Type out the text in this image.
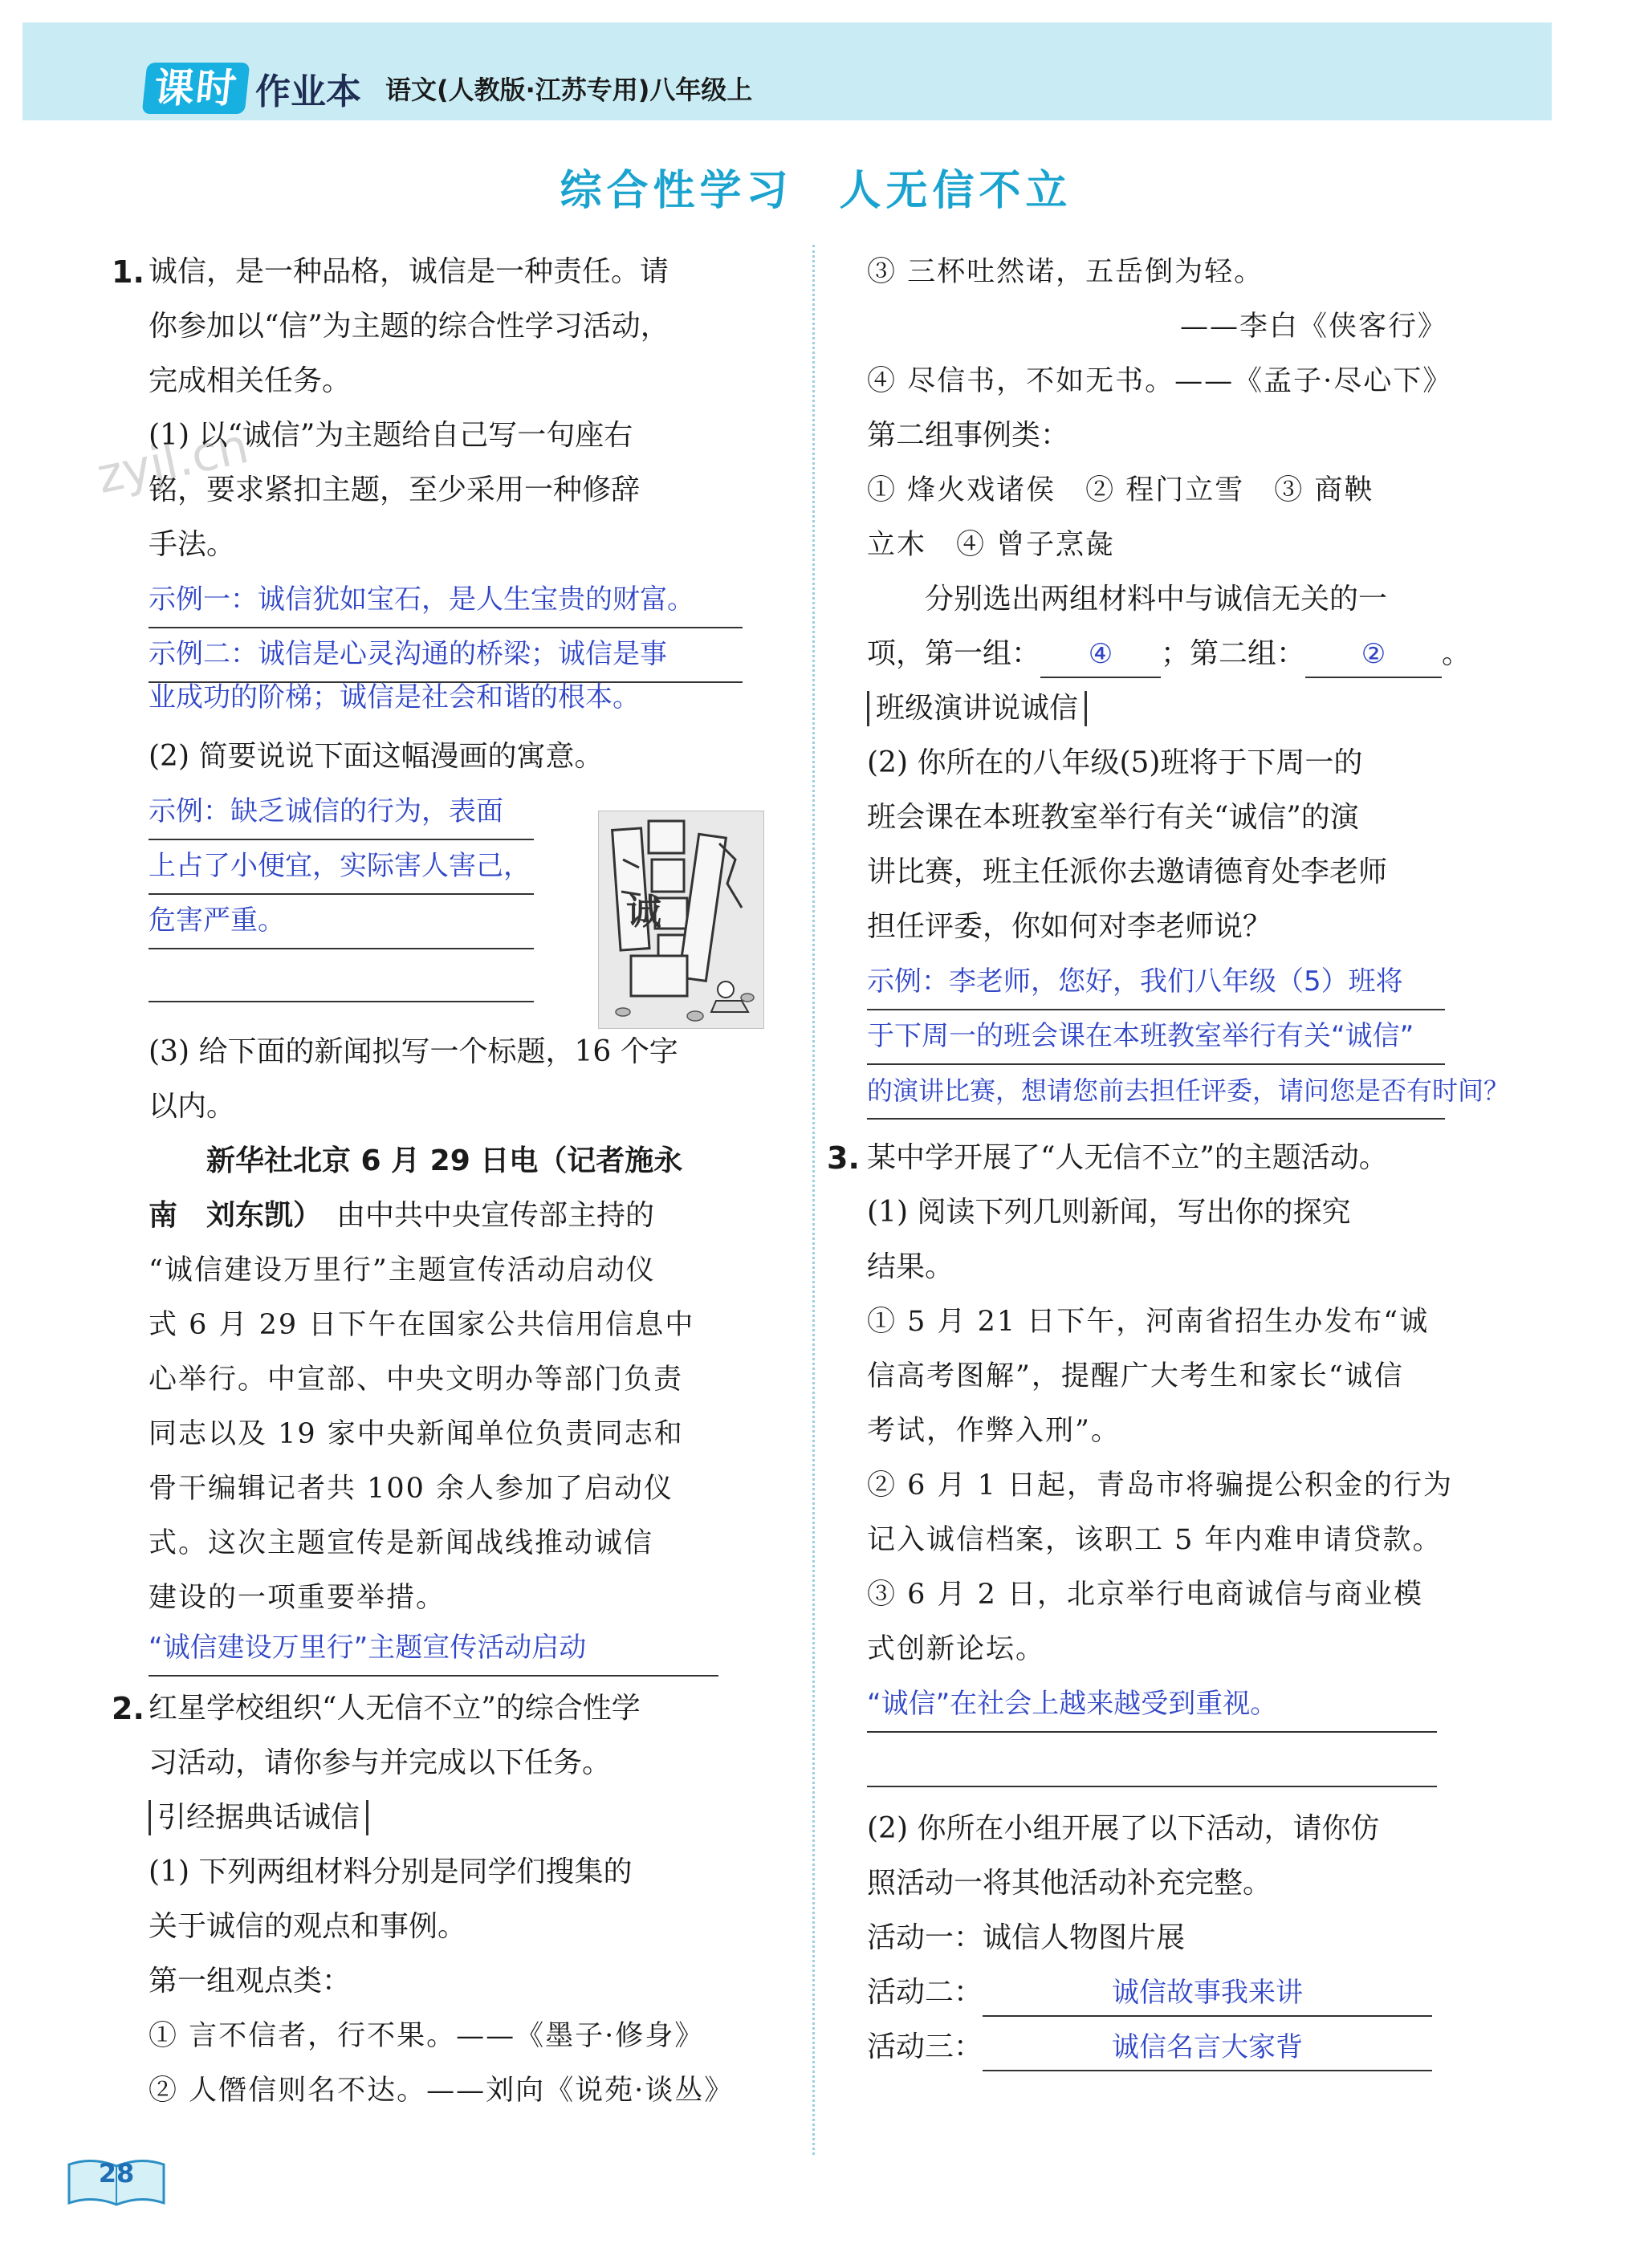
课时 作业本 语文(人教版·江苏专用)八年级上
综合性学习　人无信不立
zyjl.cn
1. 诚信，是一种品格，诚信是一种责任。请
你参加以“信”为主题的综合性学习活动，
完成相关任务。
(1) 以“诚信”为主题给自己写一句座右
铭，要求紧扣主题，至少采用一种修辞
手法。
示例一：诚信犹如宝石，是人生宝贵的财富。
示例二：诚信是心灵沟通的桥梁；诚信是事
业成功的阶梯；诚信是社会和谐的根本。
(2) 简要说说下面这幅漫画的寓意。
示例：缺乏诚信的行为，表面
上占了小便宜，实际害人害己，
危害严重。
(3) 给下面的新闻拟写一个标题，16 个字
以内。
新华社北京 6 月 29 日电（记者施永
南　刘东凯）　 由中共中央宣传部主持的
“诚信建设万里行”主题宣传活动启动仪
式 6 月 29 日下午在国家公共信用信息中
心举行。中宣部、中央文明办等部门负责
同志以及 19 家中央新闻单位负责同志和
骨干编辑记者共 100 余人参加了启动仪
式。这次主题宣传是新闻战线推动诚信
建设的一项重要举措。
“诚信建设万里行”主题宣传活动启动
2. 红星学校组织“人无信不立”的综合性学
习活动，请你参与并完成以下任务。
引经据典话诚信
(1) 下列两组材料分别是同学们搜集的
关于诚信的观点和事例。
第一组观点类：
① 言不信者，行不果。——《墨子·修身》
② 人僭信则名不达。——刘向《说苑·谈丛》
诚
③ 三杯吐然诺，五岳倒为轻。
——李白《侠客行》
④ 尽信书，不如无书。——《孟子·尽心下》
第二组事例类：
① 烽火戏诸侯　② 程门立雪　③ 商鞅
立木　④ 曾子烹彘
分别选出两组材料中与诚信无关的一
项，第一组： ④ ；第二组： ② 。
班级演讲说诚信
(2) 你所在的八年级(5)班将于下周一的
班会课在本班教室举行有关“诚信”的演
讲比赛，班主任派你去邀请德育处李老师
担任评委，你如何对李老师说？
示例：李老师，您好，我们八年级（5）班将
于下周一的班会课在本班教室举行有关“诚信”
的演讲比赛，想请您前去担任评委，请问您是否有时间？
3. 某中学开展了“人无信不立”的主题活动。
(1) 阅读下列几则新闻，写出你的探究
结果。
① 5 月 21 日下午，河南省招生办发布“诚
信高考图解”，提醒广大考生和家长“诚信
考试，作弊入刑”。
② 6 月 1 日起，青岛市将骗提公积金的行为
记入诚信档案，该职工 5 年内难申请贷款。
③ 6 月 2 日，北京举行电商诚信与商业模
式创新论坛。
“诚信”在社会上越来越受到重视。
(2) 你所在小组开展了以下活动，请你仿
照活动一将其他活动补充完整。
活动一：诚信人物图片展
活动二：	诚信故事我来讲
活动三：	诚信名言大家背
28
